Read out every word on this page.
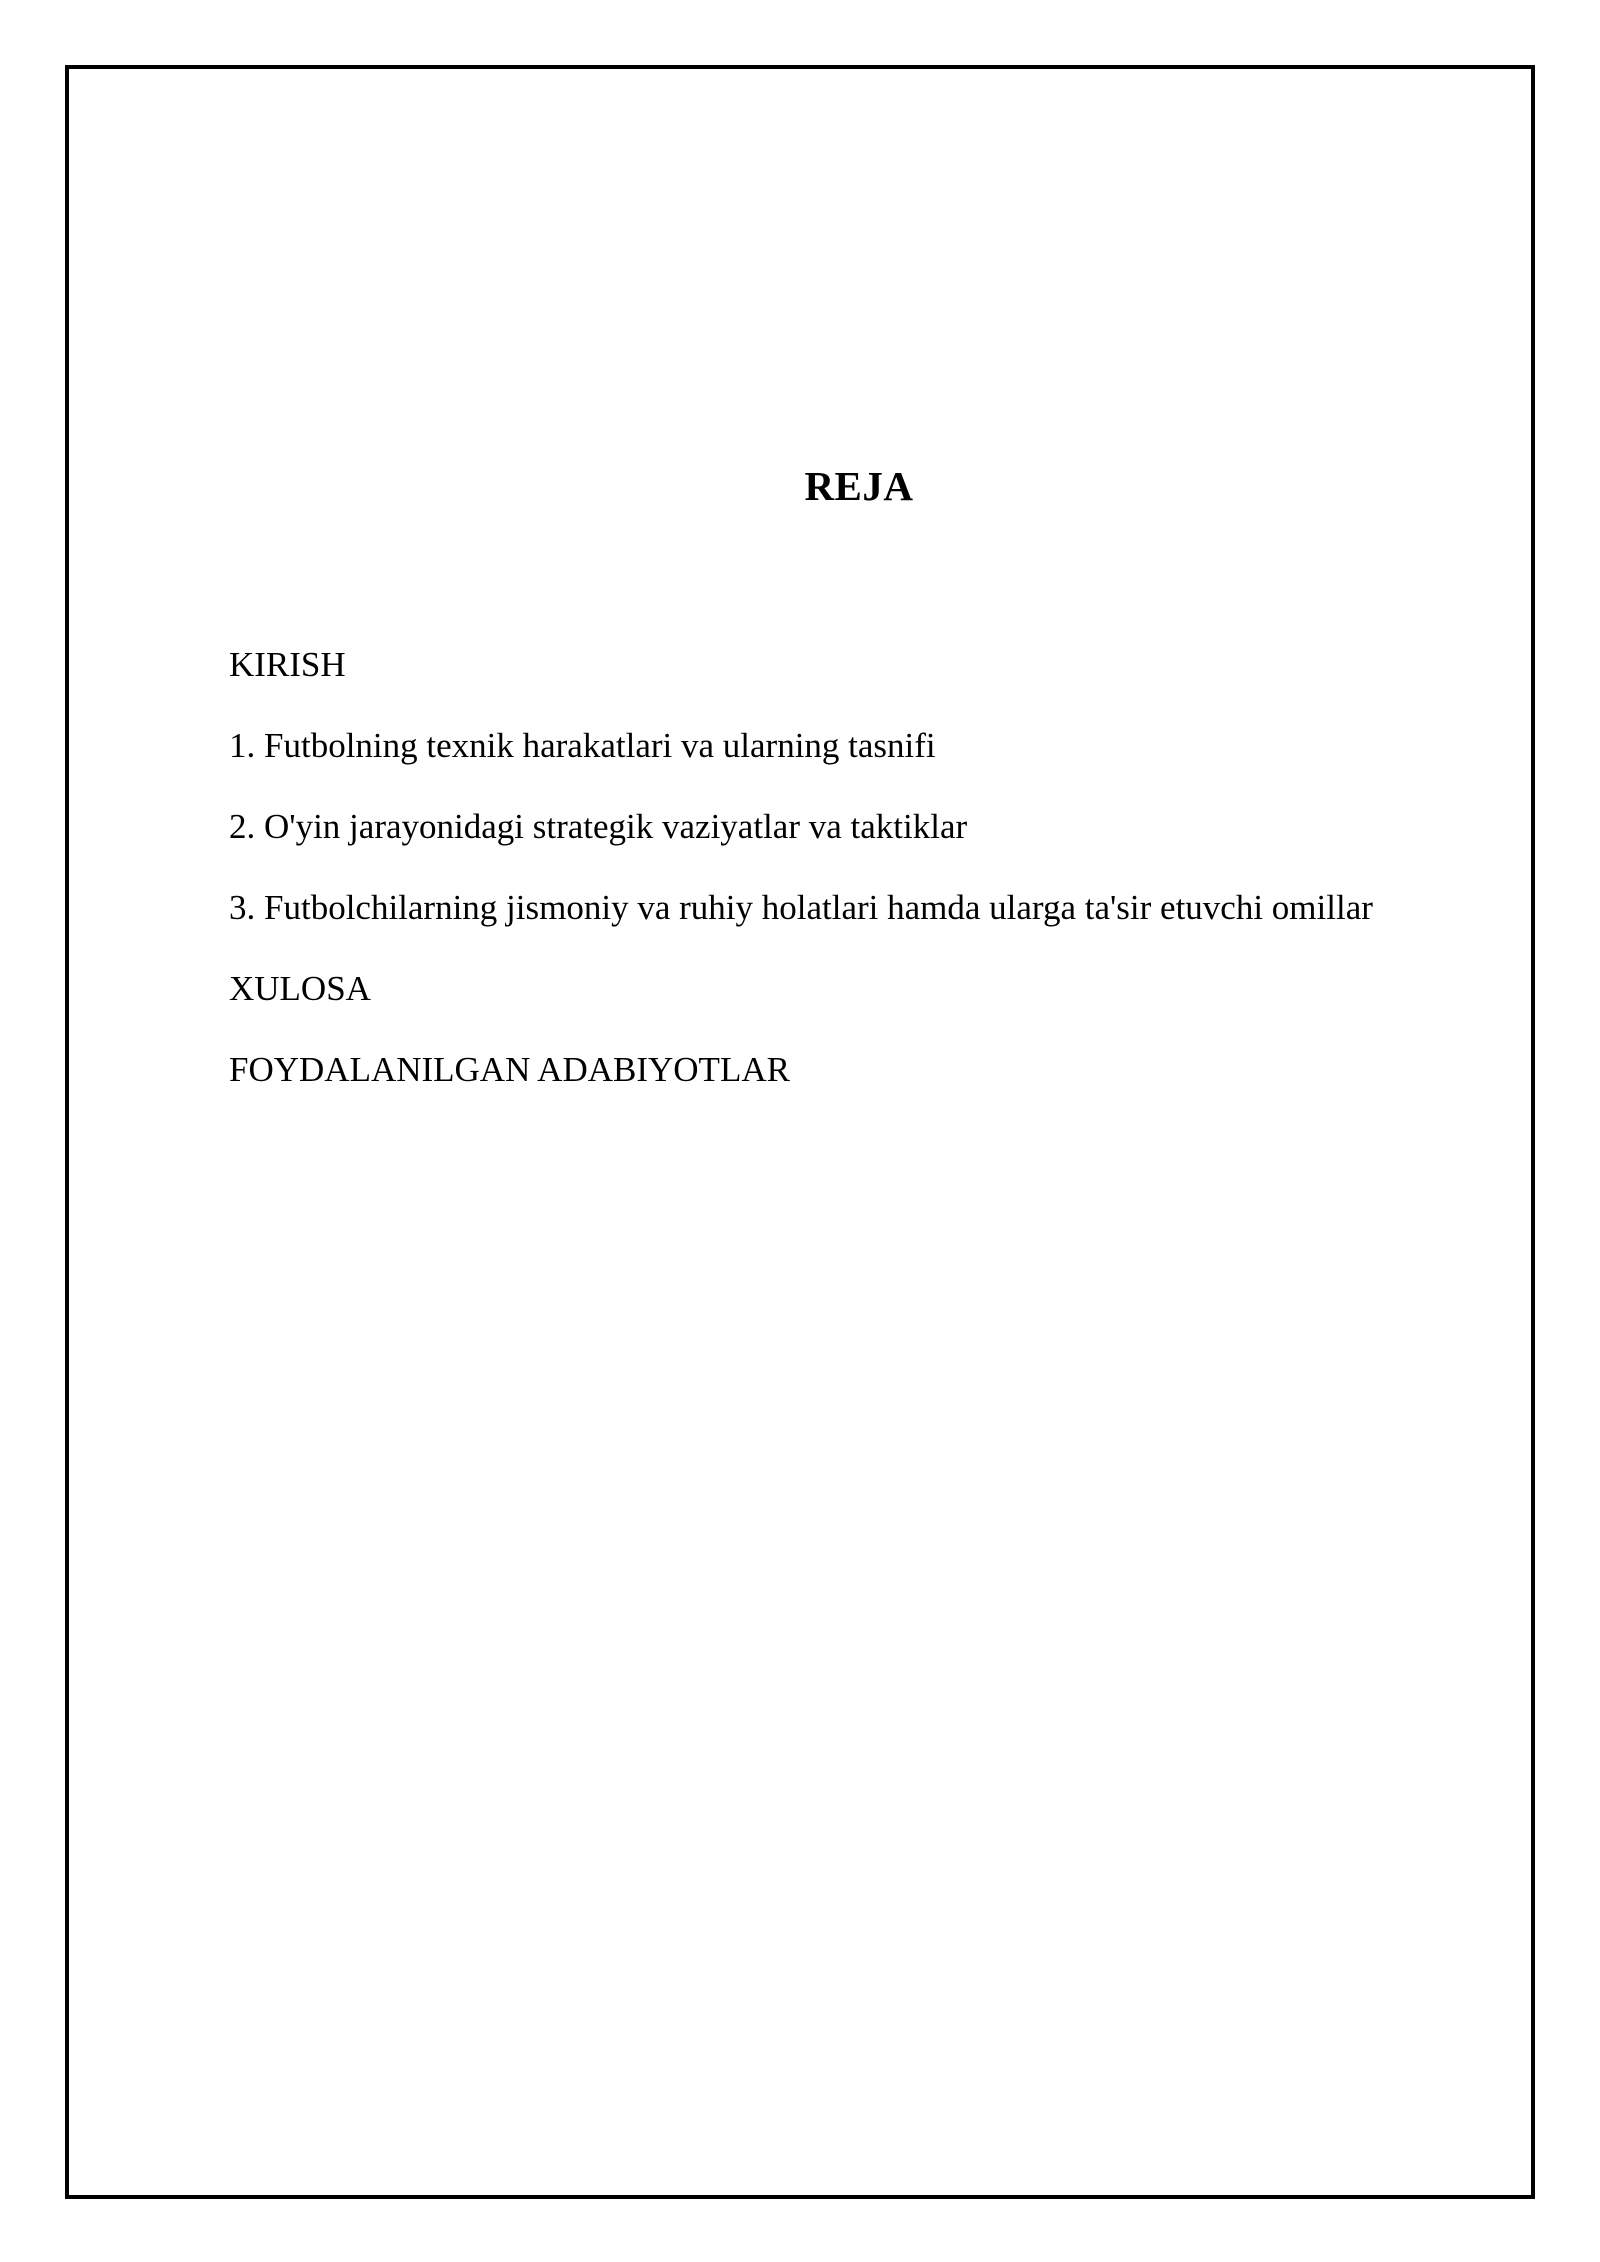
REJA
KIRISH
1. Futbolning texnik harakatlari va ularning tasnifi
2. O'yin jarayonidagi strategik vaziyatlar va taktiklar
3. Futbolchilarning jismoniy va ruhiy holatlari hamda ularga ta'sir etuvchi omillar
XULOSA
FOYDALANILGAN ADABIYOTLAR
